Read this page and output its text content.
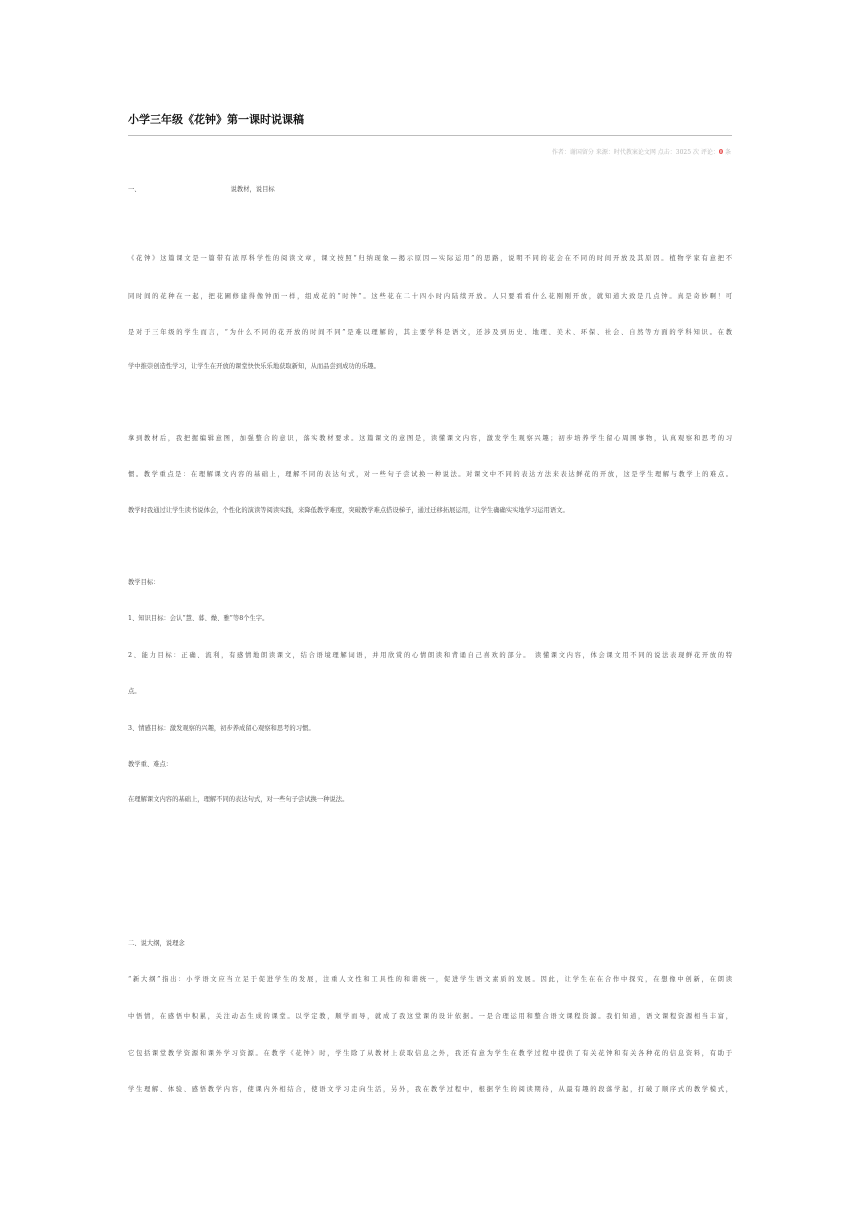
小学三年级《花钟》第一课时说课稿
作者：谢国留分 来源：时代教案论文网 点击：3025 次 评论：0 条
一、	说教材，说目标
《花钟》这篇课文是一篇带有浓厚科学性的阅读文章，课文按照“归纳现象—揭示原因—实际运用”的思路，说明不同的花会在不同的时间开放及其原因。植物学家有意把不
同时间的花种在一起，把花圃修建得像钟面一样，组成花的“时钟”。这些花在二十四小时内陆续开放。人只要看看什么花刚刚开放，就知道大致是几点钟。真是奇妙啊！可
是对于三年级的学生而言，“为什么不同的花开放的时间不同”是难以理解的，其主要学科是语文，还涉及到历史、地理、美术、环保、社会、自然等方面的学科知识。在教
学中推崇创造性学习，让学生在开放的课堂快快乐乐地获取新知，从而品尝到成功的乐趣。
拿到教材后，我把握编辑意图，加强整合的意识，落实教材要求。这篇课文的意图是，读懂课文内容，激发学生观察兴趣；初步培养学生留心周围事物，认真观察和思考的习
惯。教学重点是：在理解课文内容的基础上，理解不同的表达句式，对一些句子尝试换一种说法。对课文中不同的表达方法来表达鲜花的开放，这是学生理解与教学上的难点。
教学时我通过让学生读书说体会，个性化的演读等阅读实践，来降低教学难度，突破教学难点搭设梯子，通过迁移拓展运用，让学生确确实实地学习运用语文。
教学目标：
1、知识目标：会认“慧、暮、燥、雅”等8个生字。
2、能力目标：正确、流利，有感情地朗读课文，结合语境理解词语，并用欣赏的心情朗读和背诵自己喜欢的部分。 读懂课文内容，体会课文用不同的说法表现鲜花开放的特
点。
3、情感目标：激发观察的兴趣，初步养成留心观察和思考的习惯。
教学重、难点：
在理解课文内容的基础上，理解不同的表达句式，对一些句子尝试换一种说法。
二、说大纲，说理念
“新大纲”指出：小学语文应当立足于促进学生的发展，注重人文性和工具性的和谐统一，促进学生语文素质的发展。因此，让学生在在合作中探究，在想像中创新，在朗读
中悟情，在感悟中积累，关注动态生成的课堂。以学定教，顺学而导，就成了我这堂课的设计依据。一是合理运用和整合语文课程资源。我们知道，语文课程资源相当丰富，
它包括课堂教学资源和课外学习资源。在教学《花钟》时，学生除了从教材上获取信息之外，我还有意为学生在教学过程中提供了有关花钟和有关各种花的信息资料，有助于
学生理解、体验、感悟教学内容，使课内外相结合，使语文学习走向生活，另外，我在教学过程中，根据学生的阅读期待，从最有趣的段落学起，打破了顺序式的教学模式，
